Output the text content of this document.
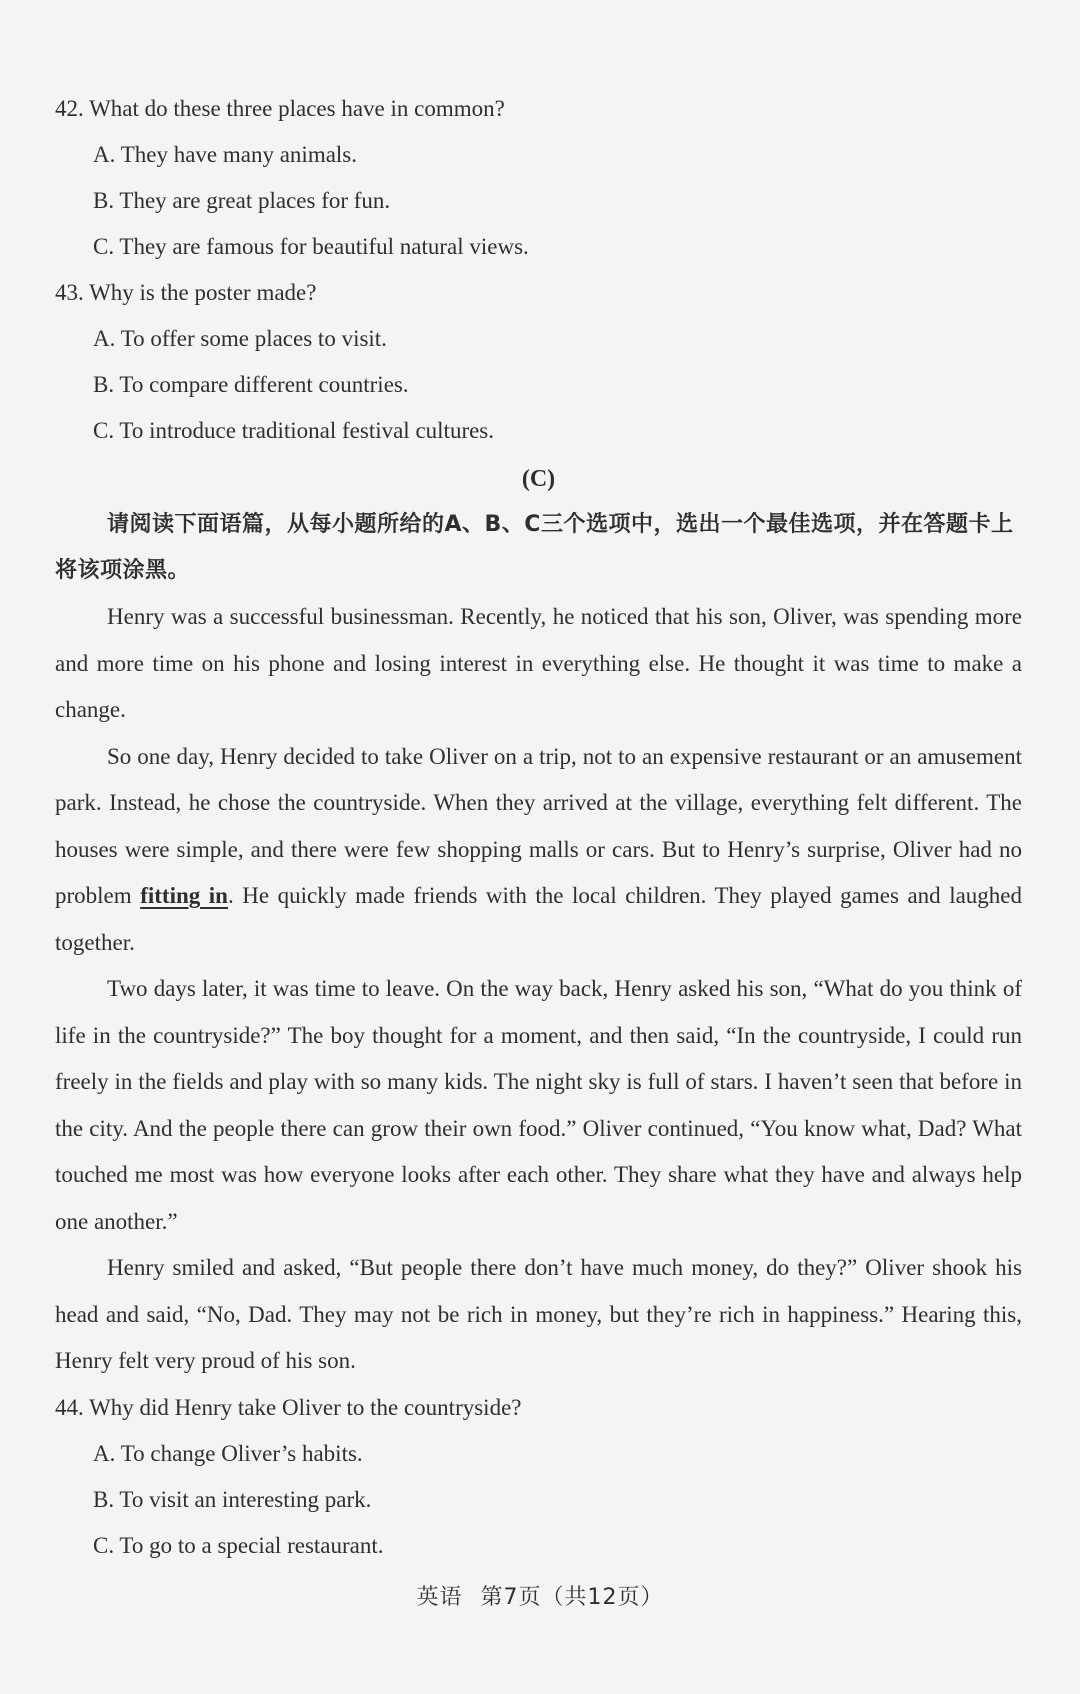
42. What do these three places have in common?
A. They have many animals.
B. They are great places for fun.
C. They are famous for beautiful natural views.
43. Why is the poster made?
A. To offer some places to visit.
B. To compare different countries.
C. To introduce traditional festival cultures.
(C)
请阅读下面语篇，从每小题所给的A、B、C三个选项中，选出一个最佳选项，并在答题卡上将该项涂黑。

Henry was a successful businessman. Recently, he noticed that his son, Oliver, was spending more and more time on his phone and losing interest in everything else. He thought it was time to make a change.

So one day, Henry decided to take Oliver on a trip, not to an expensive restaurant or an amusement park. Instead, he chose the countryside. When they arrived at the village, everything felt different. The houses were simple, and there were few shopping malls or cars. But to Henry’s surprise, Oliver had no problem fitting in. He quickly made friends with the local children. They played games and laughed together.

Two days later, it was time to leave. On the way back, Henry asked his son, “What do you think of life in the countryside?” The boy thought for a moment, and then said, “In the countryside, I could run freely in the fields and play with so many kids. The night sky is full of stars. I haven’t seen that before in the city. And the people there can grow their own food.” Oliver continued, “You know what, Dad? What touched me most was how everyone looks after each other. They share what they have and always help one another.”

Henry smiled and asked, “But people there don’t have much money, do they?” Oliver shook his head and said, “No, Dad. They may not be rich in money, but they’re rich in happiness.” Hearing this, Henry felt very proud of his son.

44. Why did Henry take Oliver to the countryside?
A. To change Oliver’s habits.
B. To visit an interesting park.
C. To go to a special restaurant.
英语 第7页（共12页）
